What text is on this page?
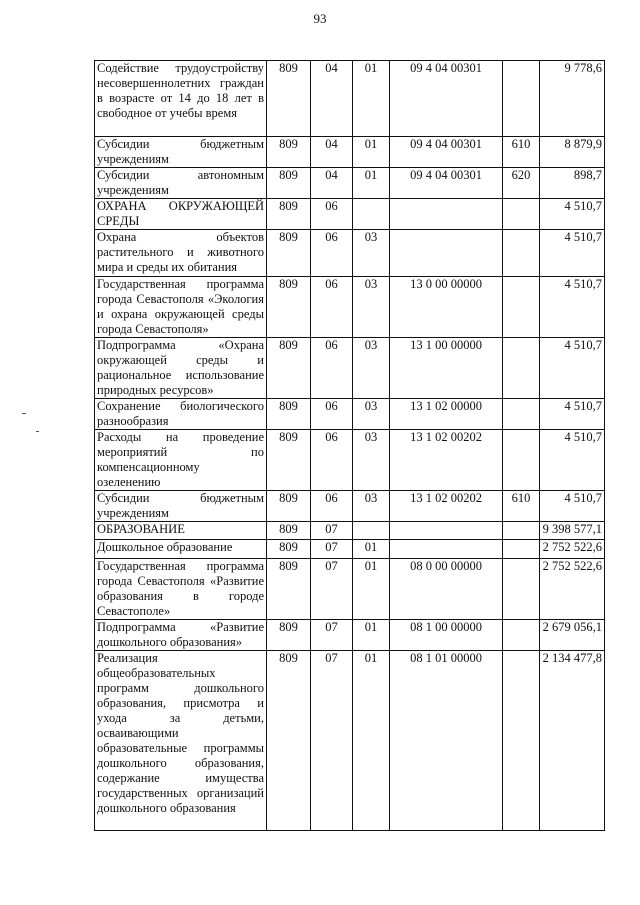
93
Содействие трудоустройству несовершеннолетних граждан в возрасте от 14 до 18 лет в свободное от учебы время	809	04	01	09 4 04 00301		9 778,6
Субсидии бюджетным учреждениям	809	04	01	09 4 04 00301	610	8 879,9
Субсидии автономным учреждениям	809	04	01	09 4 04 00301	620	898,7
ОХРАНА ОКРУЖАЮЩЕЙ СРЕДЫ	809	06				4 510,7
Охрана объектов растительного и животного мира и среды их обитания	809	06	03			4 510,7
Государственная программа города Севастополя «Экология и охрана окружающей среды города Севастополя»	809	06	03	13 0 00 00000		4 510,7
Подпрограмма «Охрана окружающей среды и рациональное использование природных ресурсов»	809	06	03	13 1 00 00000		4 510,7
Сохранение биологического разнообразия	809	06	03	13 1 02 00000		4 510,7
Расходы на проведение мероприятий по компенсационному озеленению	809	06	03	13 1 02 00202		4 510,7
Субсидии бюджетным учреждениям	809	06	03	13 1 02 00202	610	4 510,7
ОБРАЗОВАНИЕ	809	07				9 398 577,1
Дошкольное образование	809	07	01			2 752 522,6
Государственная программа города Севастополя «Развитие образования в городе Севастополе»	809	07	01	08 0 00 00000		2 752 522,6
Подпрограмма «Развитие дошкольного образования»	809	07	01	08 1 00 00000		2 679 056,1
Реализация общеобразовательных программ дошкольного образования, присмотра и ухода за детьми, осваивающими образовательные программы дошкольного образования, содержание имущества государственных организаций дошкольного образования	809	07	01	08 1 01 00000		2 134 477,8
